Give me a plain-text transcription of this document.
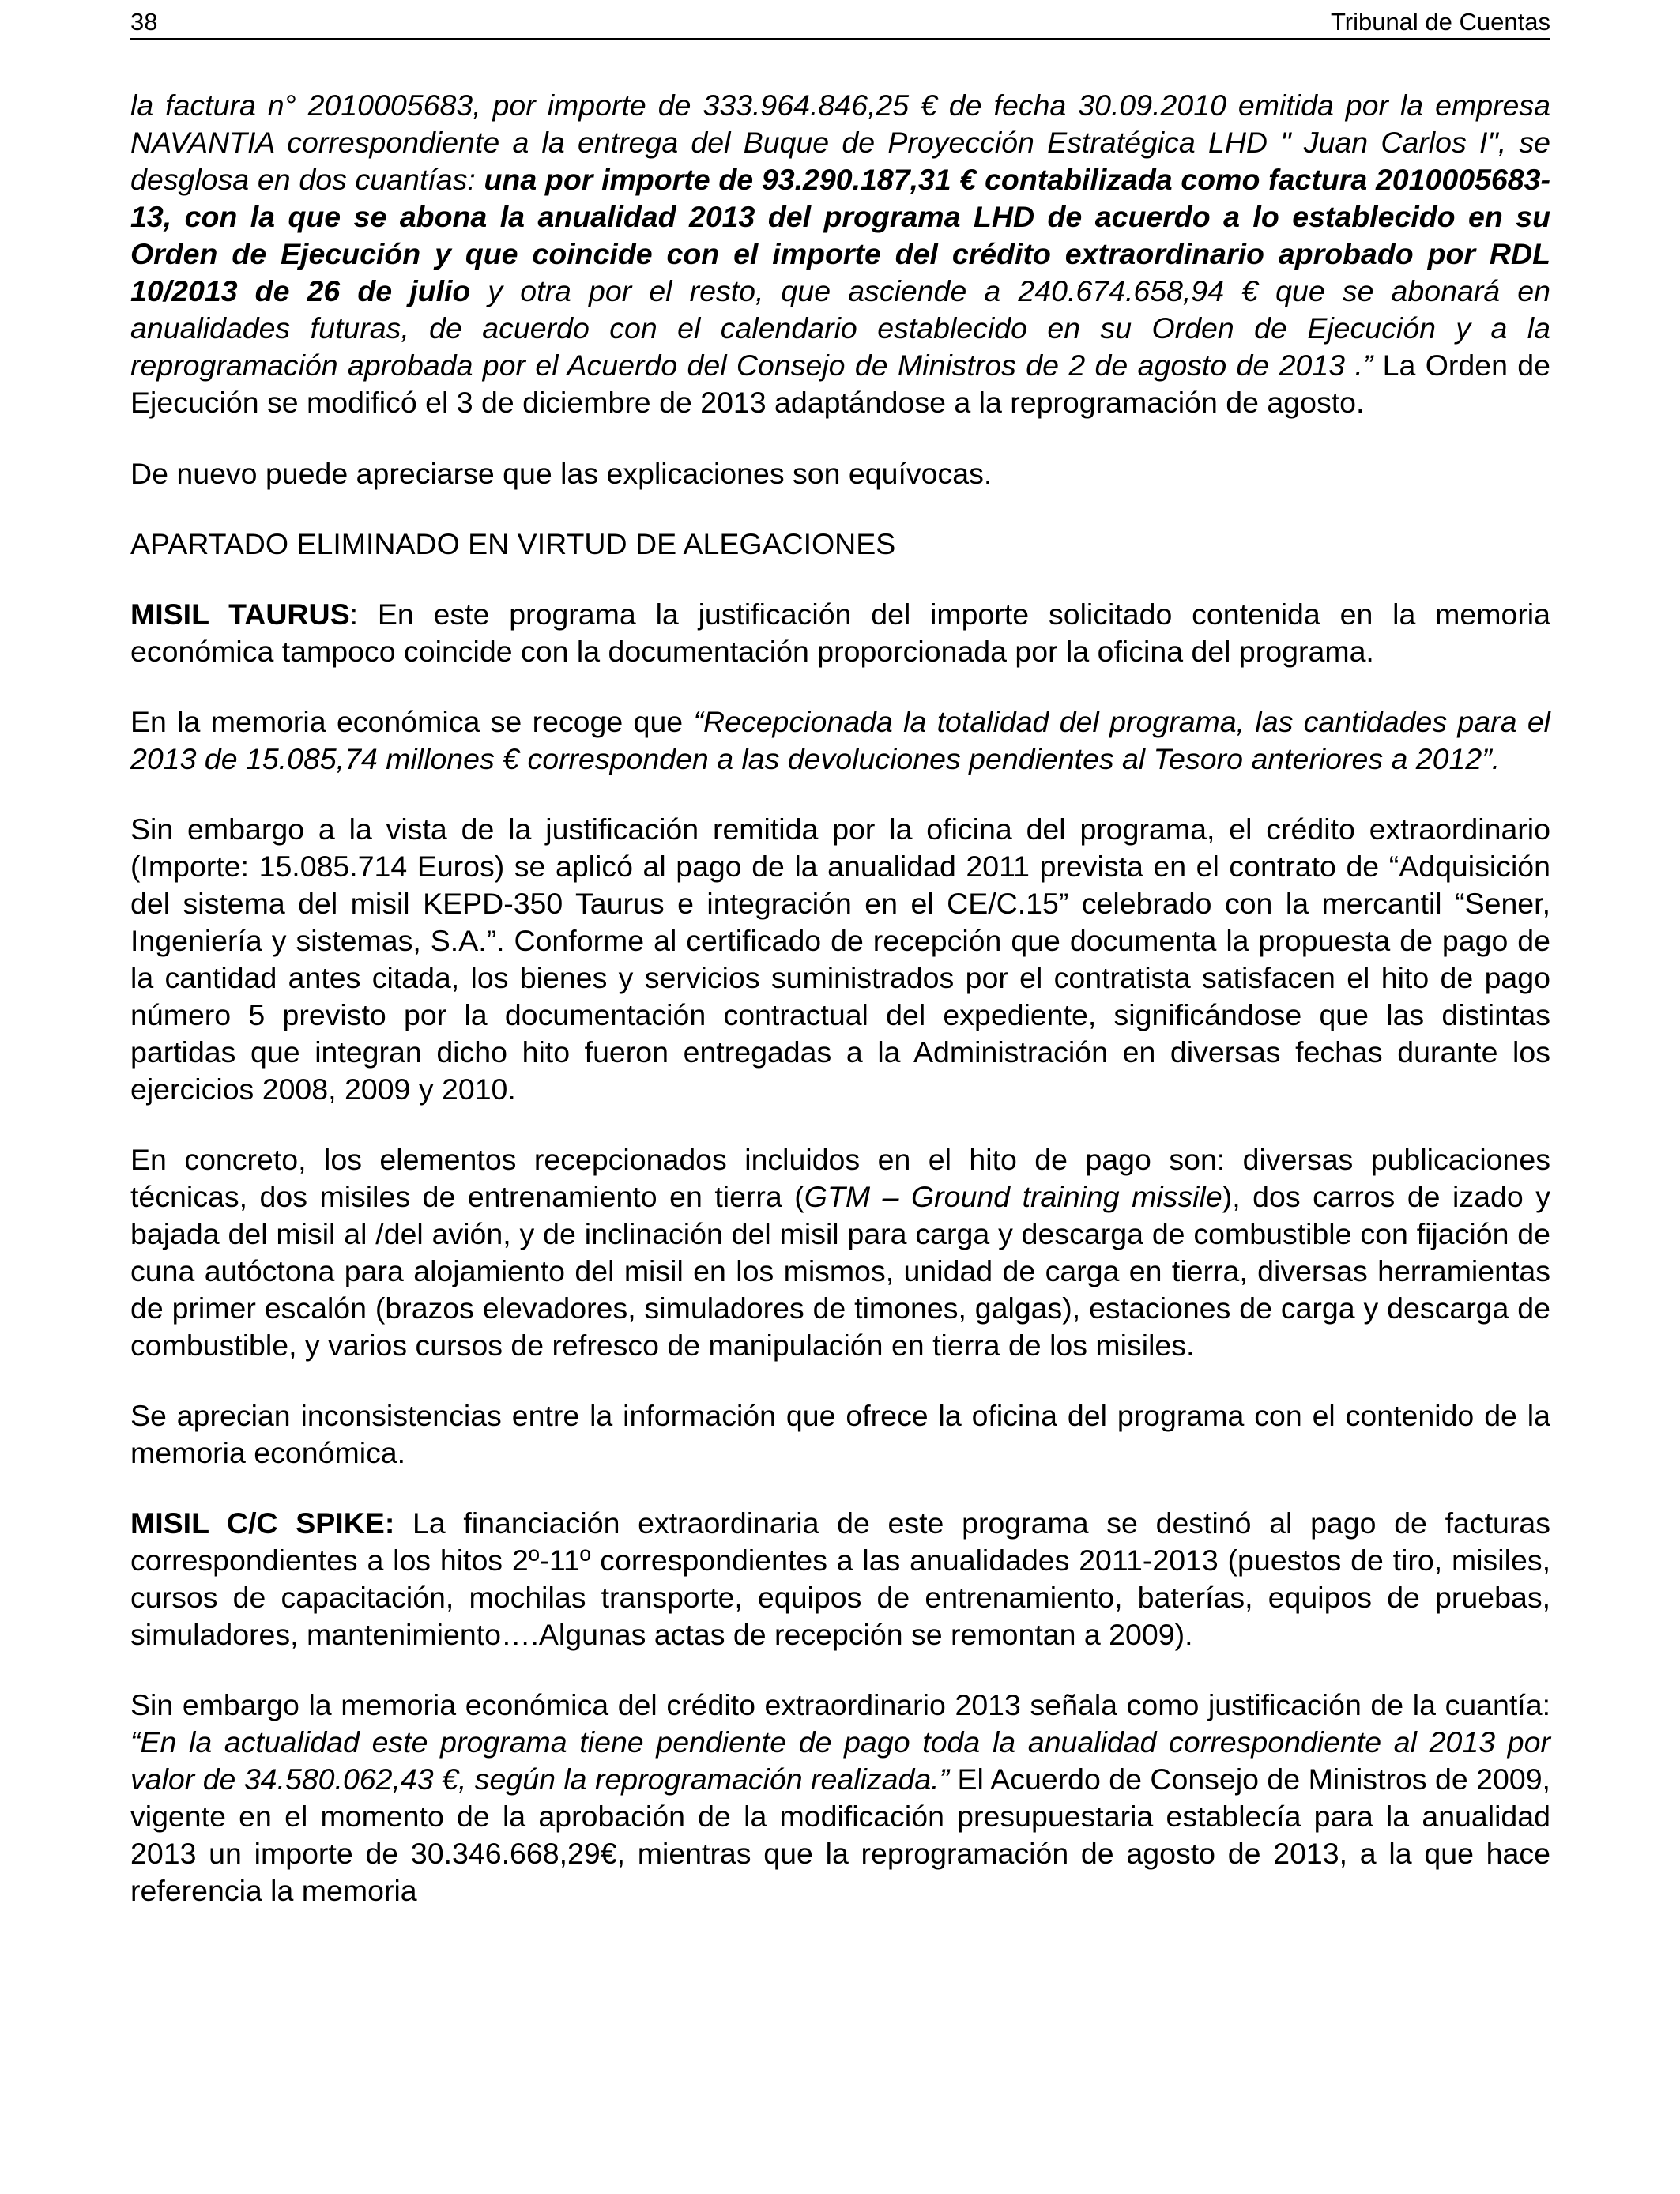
38	Tribunal de Cuentas

la factura n° 2010005683, por importe de 333.964.846,25 € de fecha 30.09.2010 emitida por la empresa NAVANTIA correspondiente a la entrega del Buque de Proyección Estratégica LHD " Juan Carlos I", se desglosa en dos cuantías: una por importe de 93.290.187,31 € contabilizada como factura 2010005683-13, con la que se abona la anualidad 2013 del programa LHD de acuerdo a lo establecido en su Orden de Ejecución y que coincide con el importe del crédito extraordinario aprobado por RDL 10/2013 de 26 de julio y otra por el resto, que asciende a 240.674.658,94 € que se abonará en anualidades futuras, de acuerdo con el calendario establecido en su Orden de Ejecución y a la reprogramación aprobada por el Acuerdo del Consejo de Ministros de 2 de agosto de 2013 .” La Orden de Ejecución se modificó el 3 de diciembre de 2013 adaptándose a la reprogramación de agosto.

De nuevo puede apreciarse que las explicaciones son equívocas.

APARTADO ELIMINADO EN VIRTUD DE ALEGACIONES

MISIL TAURUS: En este programa la justificación del importe solicitado contenida en la memoria económica tampoco coincide con la documentación proporcionada por la oficina del programa.

En la memoria económica se recoge que “Recepcionada la totalidad del programa, las cantidades para el 2013 de 15.085,74 millones € corresponden a las devoluciones pendientes al Tesoro anteriores a 2012”.

Sin embargo a la vista de la justificación remitida por la oficina del programa, el crédito extraordinario (Importe: 15.085.714 Euros) se aplicó al pago de la anualidad 2011 prevista en el contrato de “Adquisición del sistema del misil KEPD-350 Taurus e integración en el CE/C.15” celebrado con la mercantil “Sener, Ingeniería y sistemas, S.A.”. Conforme al certificado de recepción que documenta la propuesta de pago de la cantidad antes citada, los bienes y servicios suministrados por el contratista satisfacen el hito de pago número 5 previsto por la documentación contractual del expediente, significándose que las distintas partidas que integran dicho hito fueron entregadas a la Administración en diversas fechas durante los ejercicios 2008, 2009 y 2010.

En concreto, los elementos recepcionados incluidos en el hito de pago son: diversas publicaciones técnicas, dos misiles de entrenamiento en tierra (GTM – Ground training missile), dos carros de izado y bajada del misil al /del avión, y de inclinación del misil para carga y descarga de combustible con fijación de cuna autóctona para alojamiento del misil en los mismos, unidad de carga en tierra, diversas herramientas de primer escalón (brazos elevadores, simuladores de timones, galgas), estaciones de carga y descarga de combustible, y varios cursos de refresco de manipulación en tierra de los misiles.

Se aprecian inconsistencias entre la información que ofrece la oficina del programa con el contenido de la memoria económica.

MISIL C/C SPIKE: La financiación extraordinaria de este programa se destinó al pago de facturas correspondientes a los hitos 2º-11º correspondientes a las anualidades 2011-2013 (puestos de tiro, misiles, cursos de capacitación, mochilas transporte, equipos de entrenamiento, baterías, equipos de pruebas, simuladores, mantenimiento….Algunas actas de recepción se remontan a 2009).

Sin embargo la memoria económica del crédito extraordinario 2013 señala como justificación de la cuantía: “En la actualidad este programa tiene pendiente de pago toda la anualidad correspondiente al 2013 por valor de 34.580.062,43 €, según la reprogramación realizada.” El Acuerdo de Consejo de Ministros de 2009, vigente en el momento de la aprobación de la modificación presupuestaria establecía para la anualidad 2013 un importe de 30.346.668,29€, mientras que la reprogramación de agosto de 2013, a la que hace referencia la memoria
